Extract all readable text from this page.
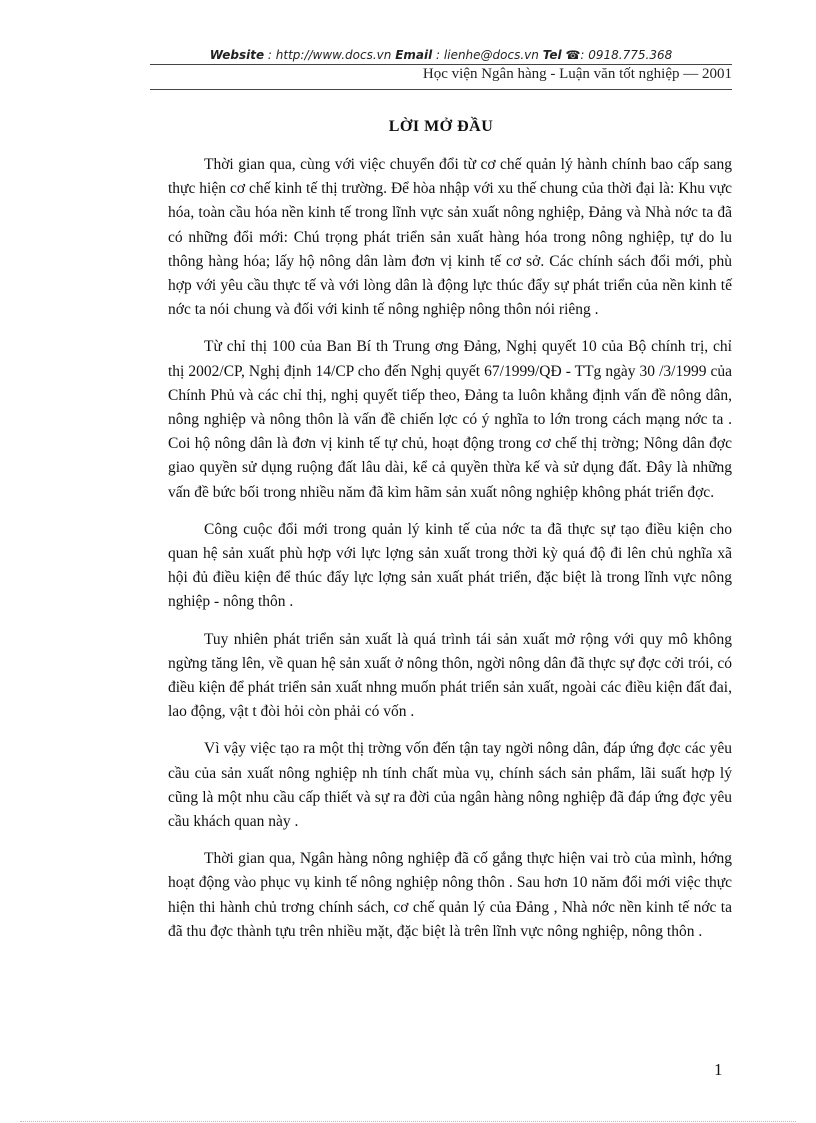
Website : http://www.docs.vn Email : lienhe@docs.vn Tel ☎: 0918.775.368
Học viện Ngân hàng - Luận văn tốt nghiệp — 2001
LỜI MỞ ĐẦU

Thời gian qua, cùng với việc chuyển đổi từ cơ chế quản lý hành chính bao cấp sang thực hiện cơ chế kinh tế thị trường. Để hòa nhập với xu thế chung của thời đại là: Khu vực hóa, toàn cầu hóa nền kinh tế trong lĩnh vực sản xuất nông nghiệp, Đảng và Nhà nớc ta đã có những đổi mới: Chú trọng phát triển sản xuất hàng hóa trong nông nghiệp, tự do lu thông hàng hóa; lấy hộ nông dân làm đơn vị kinh tế cơ sở. Các chính sách đổi mới, phù hợp với yêu cầu thực tế và với lòng dân là động lực thúc đẩy sự phát triển của nền kinh tế nớc ta nói chung và đối với kinh tế nông nghiệp nông thôn nói riêng .

Từ chỉ thị 100 của Ban Bí th Trung ơng Đảng, Nghị quyết 10 của Bộ chính trị, chỉ thị 2002/CP, Nghị định 14/CP cho đến Nghị quyết 67/1999/QĐ - TTg ngày 30 /3/1999 của Chính Phủ và các chỉ thị, nghị quyết tiếp theo, Đảng ta luôn khẳng định vấn đề nông dân, nông nghiệp và nông thôn là vấn đề chiến lợc có ý nghĩa to lớn trong cách mạng nớc ta . Coi hộ nông dân là đơn vị kinh tế tự chủ, hoạt động trong cơ chế thị trờng; Nông dân đợc giao quyền sử dụng ruộng đất lâu dài, kể cả quyền thừa kế và sử dụng đất. Đây là những vấn đề bức bối trong nhiều năm đã kìm hãm sản xuất nông nghiệp không phát triển đợc.

Công cuộc đổi mới trong quản lý kinh tế của nớc ta đã thực sự tạo điều kiện cho quan hệ sản xuất phù hợp với lực lợng sản xuất trong thời kỳ quá độ đi lên chủ nghĩa xã hội đủ điều kiện để thúc đẩy lực lợng sản xuất phát triển, đặc biệt là trong lĩnh vực nông nghiệp - nông thôn .

Tuy nhiên phát triển sản xuất là quá trình tái sản xuất mở rộng với quy mô không ngừng tăng lên, về quan hệ sản xuất ở nông thôn, ngời nông dân đã thực sự đợc cởi trói, có điều kiện để phát triển sản xuất nhng muốn phát triển sản xuất, ngoài các điều kiện đất đai, lao động, vật t đòi hỏi còn phải có vốn .

Vì vậy việc tạo ra một thị trờng vốn đến tận tay ngời nông dân, đáp ứng đợc các yêu cầu của sản xuất nông nghiệp nh tính chất mùa vụ, chính sách sản phẩm, lãi suất hợp lý cũng là một nhu cầu cấp thiết và sự ra đời của ngân hàng nông nghiệp đã đáp ứng đợc yêu cầu khách quan này .

Thời gian qua, Ngân hàng nông nghiệp đã cố gắng thực hiện vai trò của mình, hớng hoạt động vào phục vụ kinh tế nông nghiệp nông thôn . Sau hơn 10 năm đổi mới việc thực hiện thi hành chủ trơng chính sách, cơ chế quản lý của Đảng , Nhà nớc nền kinh tế nớc ta đã thu đợc thành tựu trên nhiều mặt, đặc biệt là trên lĩnh vực nông nghiệp, nông thôn .

1
